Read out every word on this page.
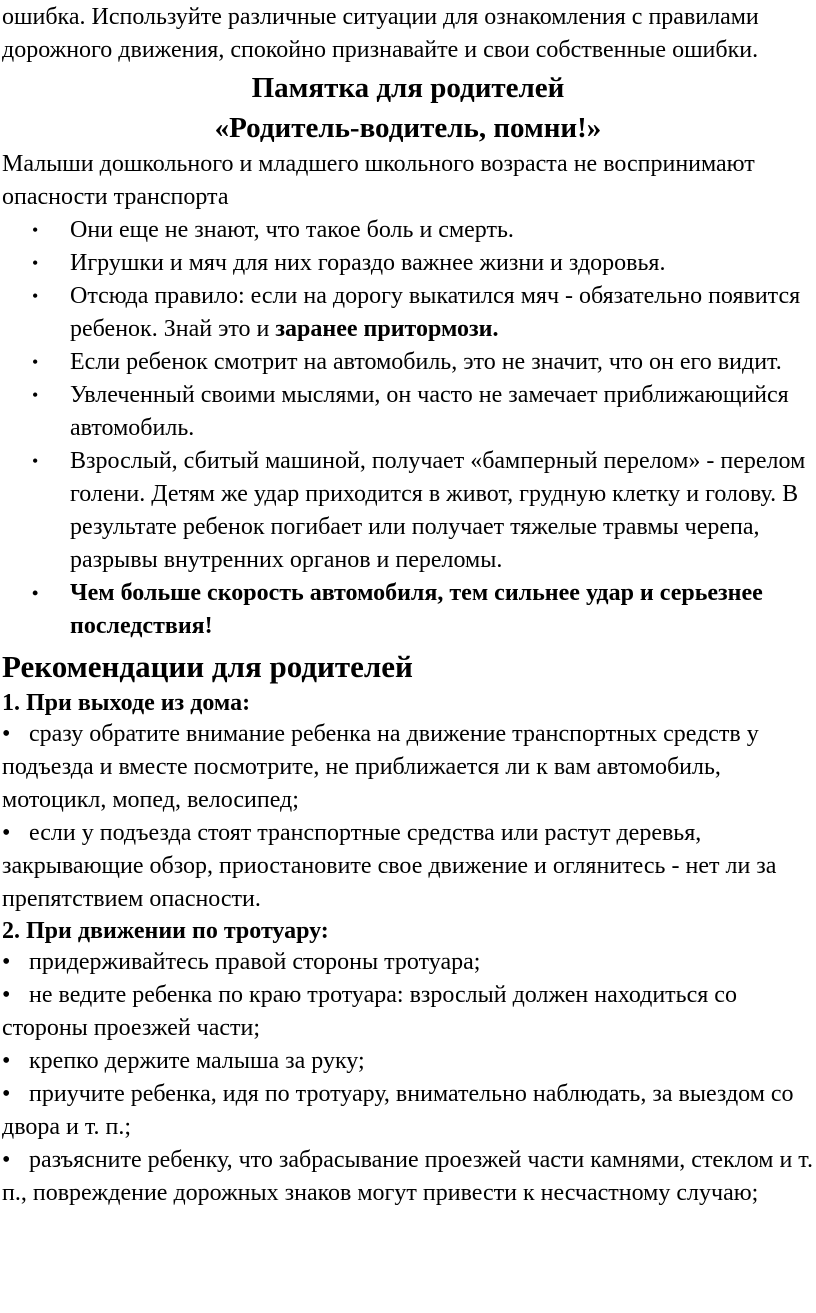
ошибка. Используйте различные ситуации для ознакомления с правилами дорожного движения, спокойно признавайте и свои собственные ошибки.

Памятка для родителей
«Родитель-водитель, помни!»

Малыши дошкольного и младшего школьного возраста не воспринимают опасности транспорта

• Они еще не знают, что такое боль и смерть.
• Игрушки и мяч для них гораздо важнее жизни и здоровья.
• Отсюда правило: если на дорогу выкатился мяч - обязательно появится ребенок. Знай это и заранее притормози.
• Если ребенок смотрит на автомобиль, это не значит, что он его видит.
• Увлеченный своими мыслями, он часто не замечает приближающийся автомобиль.
• Взрослый, сбитый машиной, получает «бамперный перелом» - перелом голени. Детям же удар приходится в живот, грудную клетку и голову. В результате ребенок погибает или получает тяжелые травмы черепа, разрывы внутренних органов и переломы.
• Чем больше скорость автомобиля, тем сильнее удар и серьезнее последствия!
Рекомендации для родителей
1. При выходе из дома:

• сразу обратите внимание ребенка на движение транспортных средств у подъезда и вместе посмотрите, не приближается ли к вам автомобиль, мотоцикл, мопед, велосипед;

• если у подъезда стоят транспортные средства или растут деревья, закрывающие обзор, приостановите свое движение и оглянитесь - нет ли за препятствием опасности.

2. При движении по тротуару:

• придерживайтесь правой стороны тротуара;

• не ведите ребенка по краю тротуара: взрослый должен находиться со стороны проезжей части;

• крепко держите малыша за руку;

• приучите ребенка, идя по тротуару, внимательно наблюдать, за выездом со двора и т. п.;

• разъясните ребенку, что забрасывание проезжей части камнями, стеклом и т. п., повреждение дорожных знаков могут привести к несчастному случаю;
